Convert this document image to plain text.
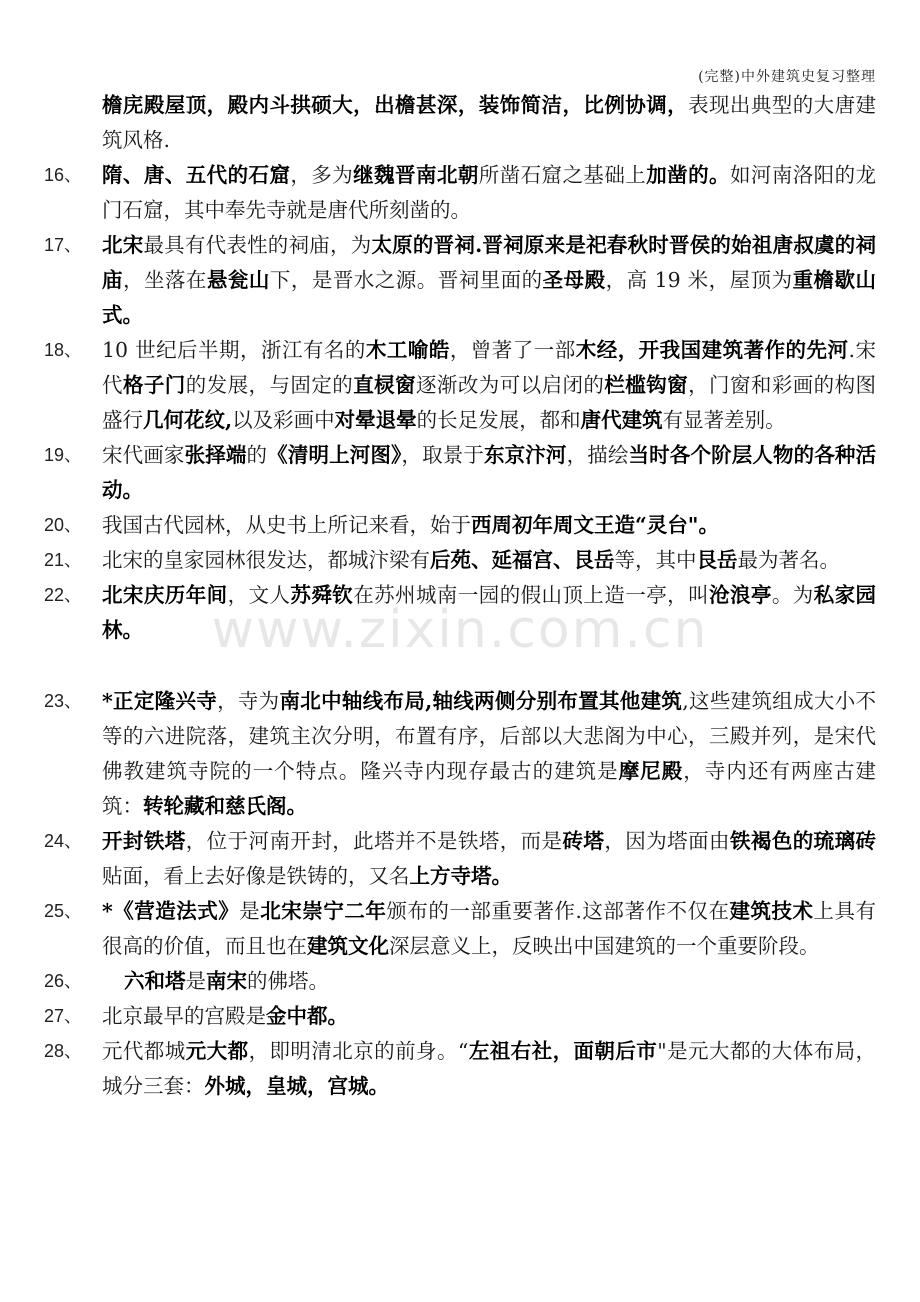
(完整)中外建筑史复习整理
www.zixin.com.cn
檐庑殿屋顶，殿内斗拱硕大，出檐甚深，装饰简洁，比例协调，表现出典型的大唐建筑风格.
16、 隋、唐、五代的石窟，多为继魏晋南北朝所凿石窟之基础上加凿的。如河南洛阳的龙门石窟，其中奉先寺就是唐代所刻凿的。
17、 北宋最具有代表性的祠庙，为太原的晋祠.晋祠原来是祀春秋时晋侯的始祖唐叔虞的祠庙，坐落在悬瓮山下，是晋水之源。晋祠里面的圣母殿，高 19 米，屋顶为重檐歇山式。
18、 10 世纪后半期，浙江有名的木工喻皓，曾著了一部木经，开我国建筑著作的先河.宋代格子门的发展，与固定的直棂窗逐渐改为可以启闭的栏槛钩窗，门窗和彩画的构图盛行几何花纹,以及彩画中对晕退晕的长足发展，都和唐代建筑有显著差别。
19、 宋代画家张择端的《清明上河图》，取景于东京汴河，描绘当时各个阶层人物的各种活动。
20、 我国古代园林，从史书上所记来看，始于西周初年周文王造“灵台"。
21、 北宋的皇家园林很发达，都城汴梁有后苑、延福宫、艮岳等，其中艮岳最为著名。
22、 北宋庆历年间，文人苏舜钦在苏州城南一园的假山顶上造一亭，叫沧浪亭。为私家园林。
23、 *正定隆兴寺，寺为南北中轴线布局,轴线两侧分别布置其他建筑,这些建筑组成大小不等的六进院落，建筑主次分明，布置有序，后部以大悲阁为中心，三殿并列，是宋代佛教建筑寺院的一个特点。隆兴寺内现存最古的建筑是摩尼殿，寺内还有两座古建筑：转轮藏和慈氏阁。
24、 开封铁塔，位于河南开封，此塔并不是铁塔，而是砖塔，因为塔面由铁褐色的琉璃砖贴面，看上去好像是铁铸的，又名上方寺塔。
25、 *《营造法式》是北宋崇宁二年颁布的一部重要著作.这部著作不仅在建筑技术上具有很高的价值，而且也在建筑文化深层意义上，反映出中国建筑的一个重要阶段。
26、	六和塔是南宋的佛塔。
27、 北京最早的宫殿是金中都。
28、 元代都城元大都，即明清北京的前身。“左祖右社，面朝后市"是元大都的大体布局，城分三套：外城，皇城，宫城。
